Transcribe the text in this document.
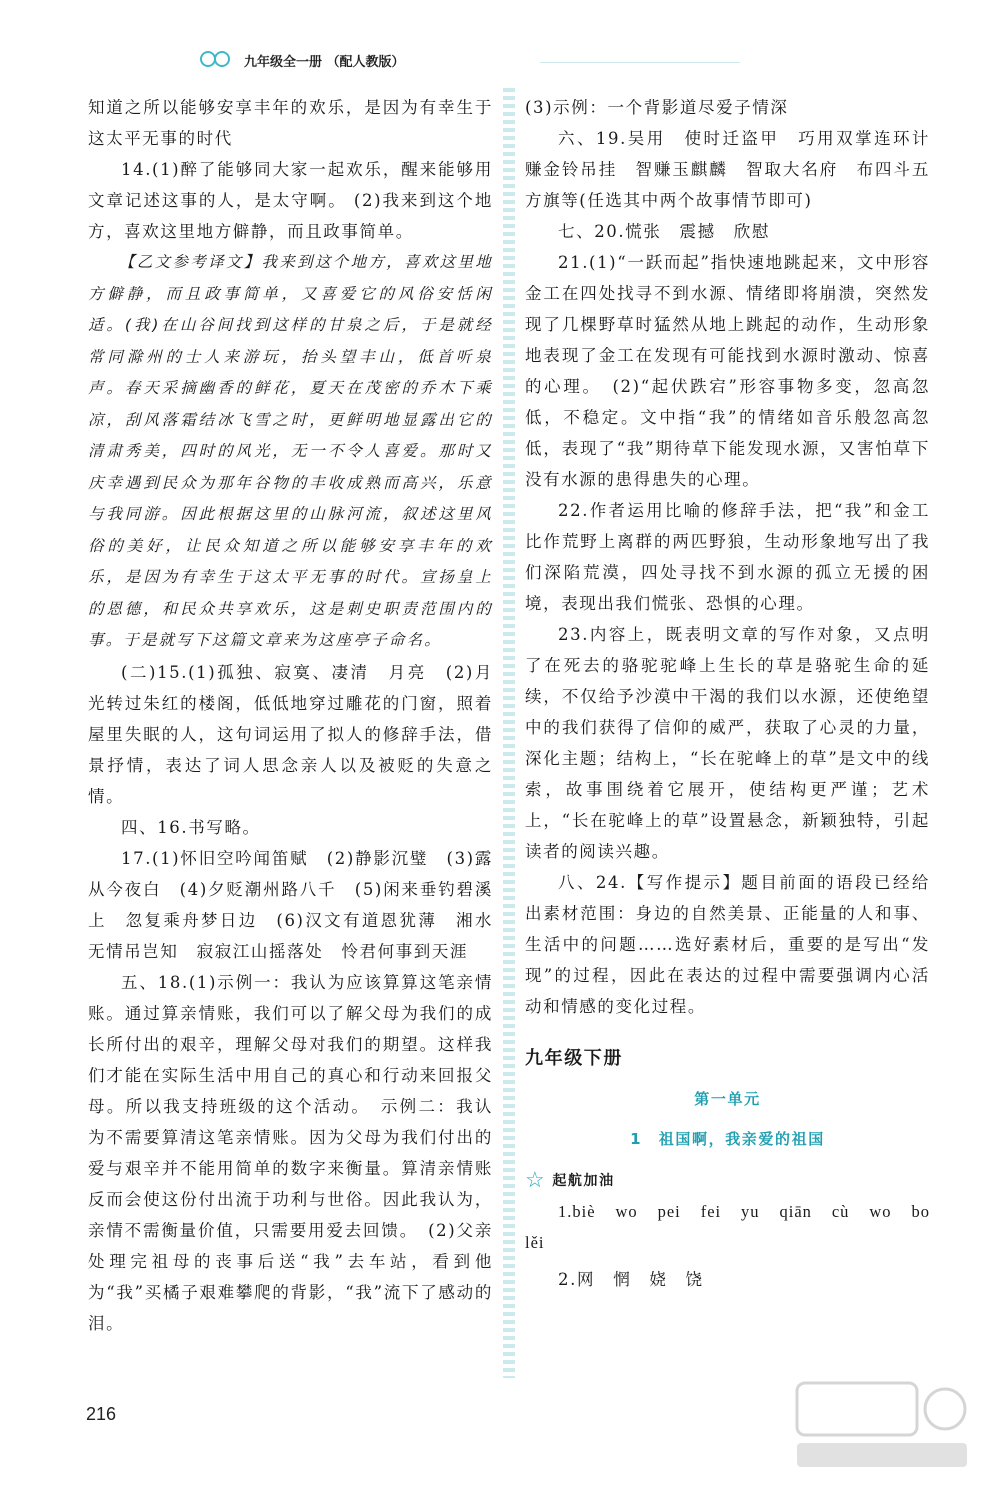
九年级全一册 （配人教版）

知道之所以能够安享丰年的欢乐，是因为有幸生于这太平无事的时代

14.(1)醉了能够同大家一起欢乐，醒来能够用文章记述这事的人，是太守啊。 (2)我来到这个地方，喜欢这里地方僻静，而且政事简单。

【乙文参考译文】我来到这个地方，喜欢这里地方僻静，而且政事简单，又喜爱它的风俗安恬闲适。(我)在山谷间找到这样的甘泉之后，于是就经常同滁州的士人来游玩，抬头望丰山，低首听泉声。春天采摘幽香的鲜花，夏天在茂密的乔木下乘凉，刮风落霜结冰飞雪之时，更鲜明地显露出它的清肃秀美，四时的风光，无一不令人喜爱。那时又庆幸遇到民众为那年谷物的丰收成熟而高兴，乐意与我同游。因此根据这里的山脉河流，叙述这里风俗的美好，让民众知道之所以能够安享丰年的欢乐，是因为有幸生于这太平无事的时代。宣扬皇上的恩德，和民众共享欢乐，这是刺史职责范围内的事。于是就写下这篇文章来为这座亭子命名。

(二)15.(1)孤独、寂寞、凄清　月亮　(2)月光转过朱红的楼阁，低低地穿过雕花的门窗，照着屋里失眠的人，这句词运用了拟人的修辞手法，借景抒情，表达了词人思念亲人以及被贬的失意之情。

四、16.书写略。

17.(1)怀旧空吟闻笛赋　(2)静影沉璧　(3)露从今夜白　(4)夕贬潮州路八千　(5)闲来垂钓碧溪上　忽复乘舟梦日边　(6)汉文有道恩犹薄　湘水无情吊岂知　寂寂江山摇落处　怜君何事到天涯

五、18.(1)示例一：我认为应该算算这笔亲情账。通过算亲情账，我们可以了解父母为我们的成长所付出的艰辛，理解父母对我们的期望。这样我们才能在实际生活中用自己的真心和行动来回报父母。所以我支持班级的这个活动。　示例二：我认为不需要算清这笔亲情账。因为父母为我们付出的爱与艰辛并不能用简单的数字来衡量。算清亲情账反而会使这份付出流于功利与世俗。因此我认为，亲情不需衡量价值，只需要用爱去回馈。　(2)父亲处理完祖母的丧事后送“我”去车站，看到他为“我”买橘子艰难攀爬的背影，“我”流下了感动的泪。

(3)示例：一个背影道尽爱子情深

六、19.吴用　使时迁盗甲　巧用双掌连环计　赚金铃吊挂　智赚玉麒麟　智取大名府　布四斗五方旗等(任选其中两个故事情节即可)

七、20.慌张　震撼　欣慰

21.(1)“一跃而起”指快速地跳起来，文中形容金工在四处找寻不到水源、情绪即将崩溃，突然发现了几棵野草时猛然从地上跳起的动作，生动形象地表现了金工在发现有可能找到水源时激动、惊喜的心理。　(2)“起伏跌宕”形容事物多变，忽高忽低，不稳定。文中指“我”的情绪如音乐般忽高忽低，表现了“我”期待草下能发现水源，又害怕草下没有水源的患得患失的心理。

22.作者运用比喻的修辞手法，把“我”和金工比作荒野上离群的两匹野狼，生动形象地写出了我们深陷荒漠，四处寻找不到水源的孤立无援的困境，表现出我们慌张、恐惧的心理。

23.内容上，既表明文章的写作对象，又点明了在死去的骆驼驼峰上生长的草是骆驼生命的延续，不仅给予沙漠中干渴的我们以水源，还使绝望中的我们获得了信仰的威严，获取了心灵的力量，深化主题；结构上，“长在驼峰上的草”是文中的线索，故事围绕着它展开，使结构更严谨；艺术上，“长在驼峰上的草”设置悬念，新颖独特，引起读者的阅读兴趣。

八、24.【写作提示】题目前面的语段已经给出素材范围：身边的自然美景、正能量的人和事、生活中的问题……选好素材后，重要的是写出“发现”的过程，因此在表达的过程中需要强调内心活动和情感的变化过程。

九年级下册
第一单元
1　祖国啊，我亲爱的祖国
☆ 起航加油

1.biè wo pei fei yu qiān cù wo bo lěi

2.网　惘　娆　饶

216
